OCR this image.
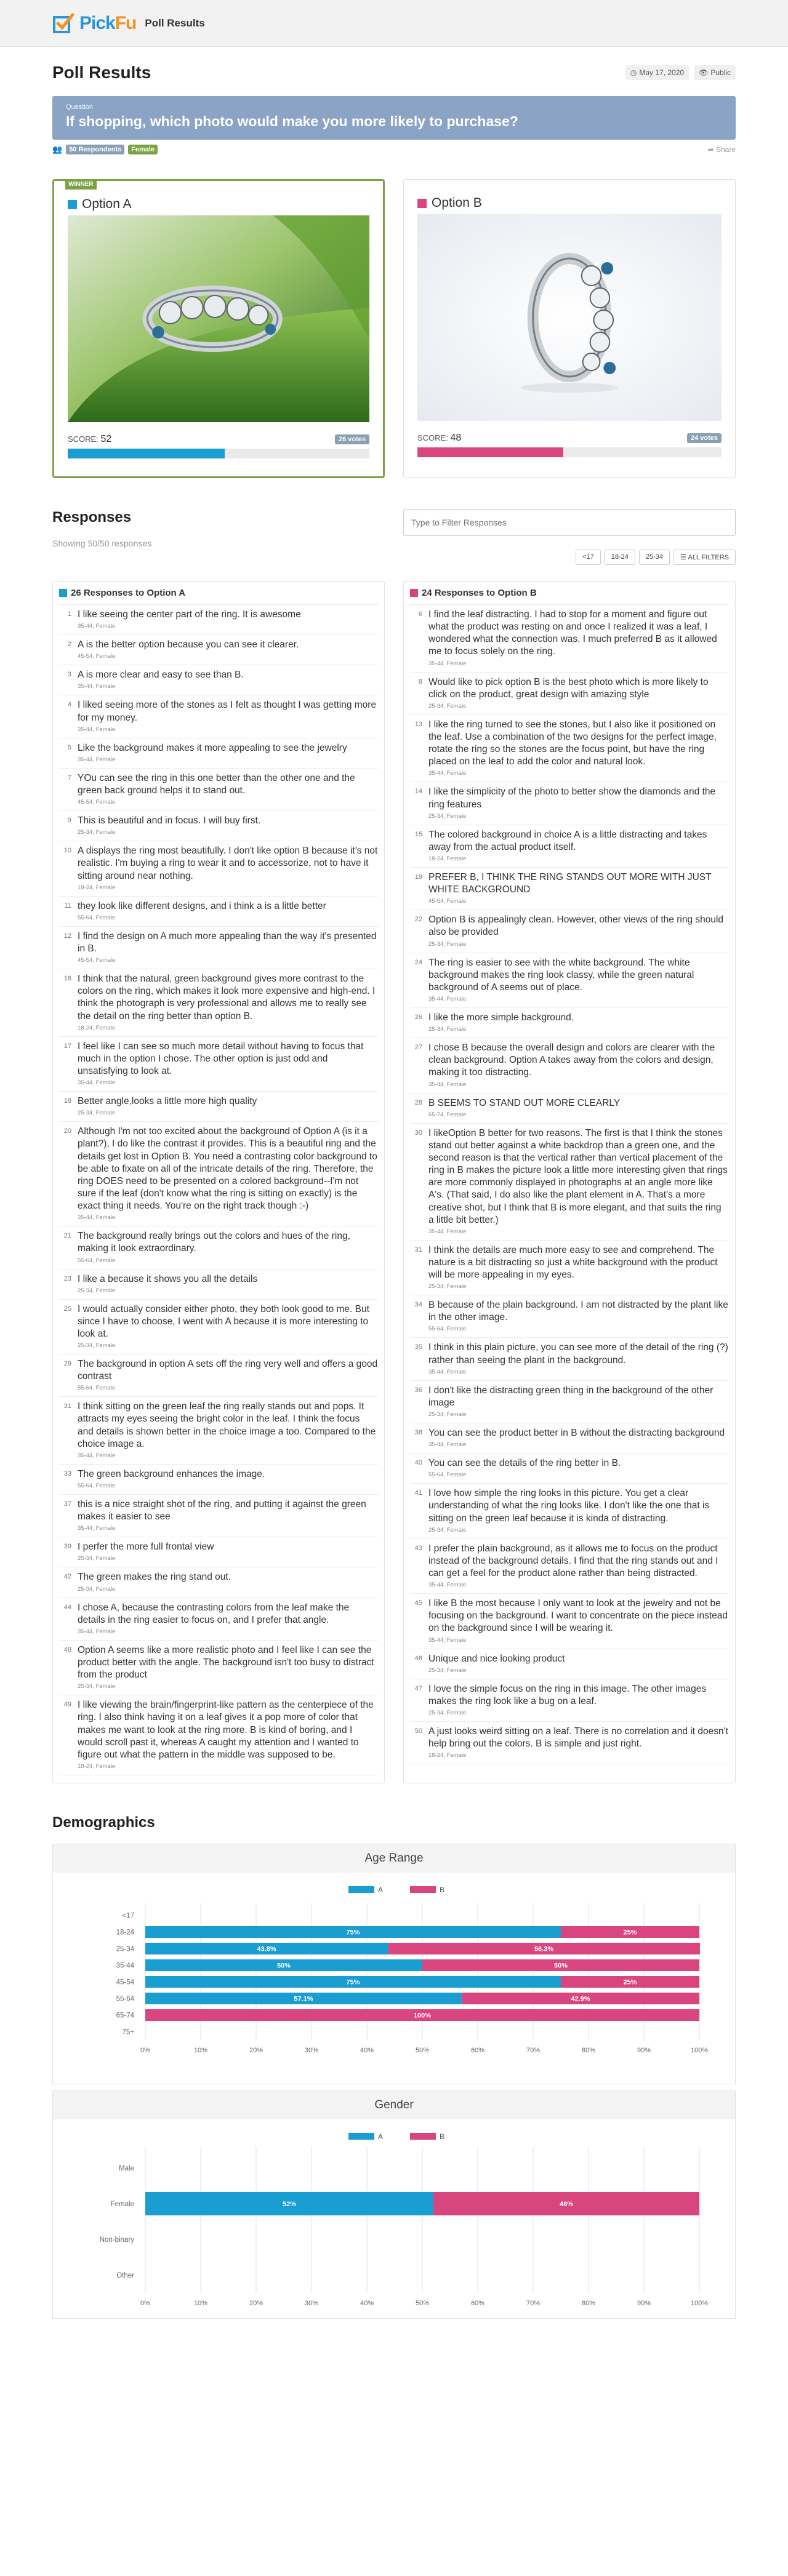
PickFu Poll Results
Poll Results	◷ May 17, 2020 👁 Public
Question
If shopping, which photo would make you more likely to purchase?
👥	50 Respondents	Female	➦ Share
WINNER
Option A
SCORE: 52	26 votes
Option B
SCORE: 48	24 votes
Responses
Showing 50/50 responses
Type to Filter Responses
<17	18-24	25-34	☰ ALL FILTERS
26 Responses to Option A
1 I like seeing the center part of the ring. It is awesome
35-44, Female
2 A is the better option because you can see it clearer.
45-54, Female
3 A is more clear and easy to see than B.
35-44, Female
4 I liked seeing more of the stones as I felt as thought I was getting more for my money.
35-44, Female
5 Like the background makes it more appealing to see the jewelry
35-44, Female
7 YOu can see the ring in this one better than the other one and the green back ground helps it to stand out.
45-54, Female
9 This is beautiful and in focus. I will buy first.
25-34, Female
10 A displays the ring most beautifully. I don't like option B because it's not realistic. I'm buying a ring to wear it and to accessorize, not to have it sitting around near nothing.
18-24, Female
11 they look like different designs, and i think a is a little better
55-64, Female
12 I find the design on A much more appealing than the way it's presented in B.
45-54, Female
16 I think that the natural, green background gives more contrast to the colors on the ring, which makes it look more expensive and high-end. I think the photograph is very professional and allows me to really see the detail on the ring better than option B.
18-24, Female
17 I feel like I can see so much more detail without having to focus that much in the option I chose. The other option is just odd and unsatisfying to look at.
35-44, Female
18 Better angle,looks a little more high quality
25-34, Female
20 Although I'm not too excited about the background of Option A (is it a plant?), I do like the contrast it provides. This is a beautiful ring and the details get lost in Option B. You need a contrasting color background to be able to fixate on all of the intricate details of the ring. Therefore, the ring DOES need to be presented on a colored background--I'm not sure if the leaf (don't know what the ring is sitting on exactly) is the exact thing it needs. You're on the right track though :-)
35-44, Female
21 The background really brings out the colors and hues of the ring, making it look extraordinary.
55-64, Female
23 I like a because it shows you all the details
25-34, Female
25 I would actually consider either photo, they both look good to me. But since I have to choose, I went with A because it is more interesting to look at.
25-34, Female
29 The background in option A sets off the ring very well and offers a good contrast
55-64, Female
31 I think sitting on the green leaf the ring really stands out and pops. It attracts my eyes seeing the bright color in the leaf. I think the focus and details is shown better in the choice image a too. Compared to the choice image a.
35-44, Female
33 The green background enhances the image.
55-64, Female
37 this is a nice straight shot of the ring, and putting it against the green makes it easier to see
35-44, Female
39 I perfer the more full frontal view
25-34, Female
42 The green makes the ring stand out.
25-34, Female
44 I chose A, because the contrasting colors from the leaf make the details in the ring easier to focus on, and I prefer that angle.
35-44, Female
48 Option A seems like a more realistic photo and I feel like I can see the product better with the angle. The background isn't too busy to distract from the product
25-34, Female
49 I like viewing the brain/fingerprint-like pattern as the centerpiece of the ring. I also think having it on a leaf gives it a pop more of color that makes me want to look at the ring more. B is kind of boring, and I would scroll past it, whereas A caught my attention and I wanted to figure out what the pattern in the middle was supposed to be.
18-24, Female
24 Responses to Option B
6 I find the leaf distracting. I had to stop for a moment and figure out what the product was resting on and once I realized it was a leaf, I wondered what the connection was. I much preferred B as it allowed me to focus solely on the ring.
35-44, Female
8 Would like to pick option B is the best photo which is more likely to click on the product, great design with amazing style
25-34, Female
13 I like the ring turned to see the stones, but I also like it positioned on the leaf. Use a combination of the two designs for the perfect image, rotate the ring so the stones are the focus point, but have the ring placed on the leaf to add the color and natural look.
35-44, Female
14 I like the simplicity of the photo to better show the diamonds and the ring features
25-34, Female
15 The colored background in choice A is a little distracting and takes away from the actual product itself.
18-24, Female
19 PREFER B, I THINK THE RING STANDS OUT MORE WITH JUST WHITE BACKGROUND
45-54, Female
22 Option B is appealingly clean. However, other views of the ring should also be provided
25-34, Female
24 The ring is easier to see with the white background. The white background makes the ring look classy, while the green natural background of A seems out of place.
35-44, Female
26 I like the more simple background.
25-34, Female
27 I chose B because the overall design and colors are clearer with the clean background. Option A takes away from the colors and design, making it too distracting.
35-44, Female
28 B SEEMS TO STAND OUT MORE CLEARLY
65-74, Female
30 I likeOption B better for two reasons. The first is that I think the stones stand out better against a white backdrop than a green one, and the second reason is that the vertical rather than vertical placement of the ring in B makes the picture look a little more interesting given that rings are more commonly displayed in photographs at an angle more like A's. (That said, I do also like the plant element in A. That's a more creative shot, but I think that B is more elegant, and that suits the ring a little bit better.)
35-44, Female
31 I think the details are much more easy to see and comprehend. The nature is a bit distracting so just a white background with the product will be more appealing in my eyes.
25-34, Female
34 B because of the plain background. I am not distracted by the plant like in the other image.
55-64, Female
35 I think in this plain picture, you can see more of the detail of the ring (?) rather than seeing the plant in the background.
35-44, Female
36 I don't like the distracting green thing in the background of the other image
25-34, Female
38 You can see the product better in B without the distracting background
35-44, Female
40 You can see the details of the ring better in B.
55-64, Female
41 I love how simple the ring looks in this picture. You get a clear understanding of what the ring looks like. I don't like the one that is sitting on the green leaf because it is kinda of distracting.
25-34, Female
43 I prefer the plain background, as it allows me to focus on the product instead of the background details. I find that the ring stands out and I can get a feel for the product alone rather than being distracted.
35-44, Female
45 I like B the most because I only want to look at the jewelry and not be focusing on the background. I want to concentrate on the piece instead on the background since I will be wearing it.
35-44, Female
46 Unique and nice looking product
25-34, Female
47 I love the simple focus on the ring in this image. The other images makes the ring look like a bug on a leaf.
25-34, Female
50 A just looks weird sitting on a leaf. There is no correlation and it doesn't help bring out the colors. B is simple and just right.
18-24, Female
Demographics
Age Range
A	B
0%	10%	20%	30%	40%	50%	60%	70%	80%	90%	100%
<17
18-24	75%	25%
25-34	43.8%	56.3%
35-44	50%	50%
45-54	75%	25%
55-64	57.1%	42.9%
65-74	100%
75+
Gender
A	B
0%	10%	20%	30%	40%	50%	60%	70%	80%	90%	100%
Male
Female	52%	48%
Non-binary
Other
